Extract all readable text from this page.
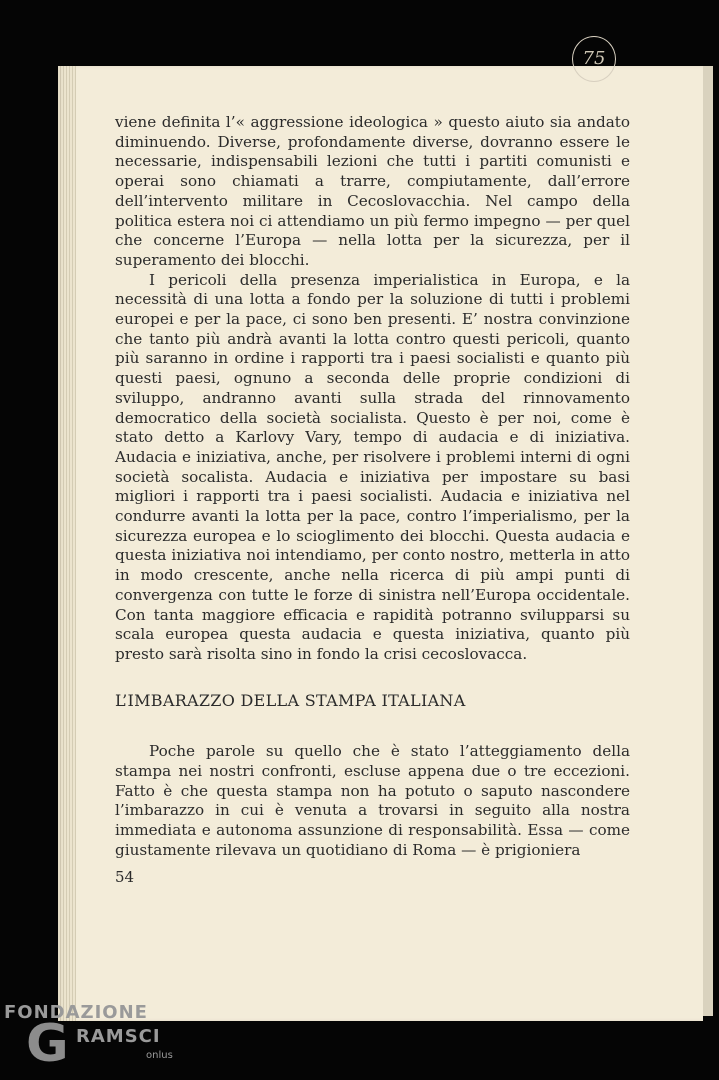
75

viene definita l’« aggressione ideologica » questo aiuto sia andato diminuendo. Diverse, profondamente diverse, dovranno essere le necessarie, indispensabili lezioni che tutti i partiti comunisti e operai sono chiamati a trarre, compiutamente, dall’errore dell’intervento militare in Cecoslovacchia. Nel campo della politica estera noi ci attendiamo un più fermo impegno — per quel che concerne l’Europa — nella lotta per la sicurezza, per il superamento dei blocchi.

I pericoli della presenza imperialistica in Europa, e la necessità di una lotta a fondo per la soluzione di tutti i problemi europei e per la pace, ci sono ben presenti. E’ nostra convinzione che tanto più andrà avanti la lotta contro questi pericoli, quanto più saranno in ordine i rapporti tra i paesi socialisti e quanto più questi paesi, ognuno a seconda delle proprie condizioni di sviluppo, andranno avanti sulla strada del rinnovamento democratico della società socialista. Questo è per noi, come è stato detto a Karlovy Vary, tempo di audacia e di iniziativa. Audacia e iniziativa, anche, per risolvere i problemi interni di ogni società socalista. Audacia e iniziativa per impostare su basi migliori i rapporti tra i paesi socialisti. Audacia e iniziativa nel condurre avanti la lotta per la pace, contro l’imperialismo, per la sicurezza europea e lo scioglimento dei blocchi. Questa audacia e questa iniziativa noi intendiamo, per conto nostro, metterla in atto in modo crescente, anche nella ricerca di più ampi punti di convergenza con tutte le forze di sinistra nell’Europa occidentale. Con tanta maggiore efficacia e rapidità potranno svilupparsi su scala europea questa audacia e questa iniziativa, quanto più presto sarà risolta sino in fondo la crisi cecoslovacca.

L’IMBARAZZO DELLA STAMPA ITALIANA

Poche parole su quello che è stato l’atteggiamento della stampa nei nostri confronti, escluse appena due o tre eccezioni. Fatto è che questa stampa non ha potuto o saputo nascondere l’imbarazzo in cui è venuta a trovarsi in seguito alla nostra immediata e autonoma assunzione di responsabilità. Essa — come giustamente rilevava un quotidiano di Roma — è prigioniera

54
FONDAZIONE
G RAMSCI
onlus
